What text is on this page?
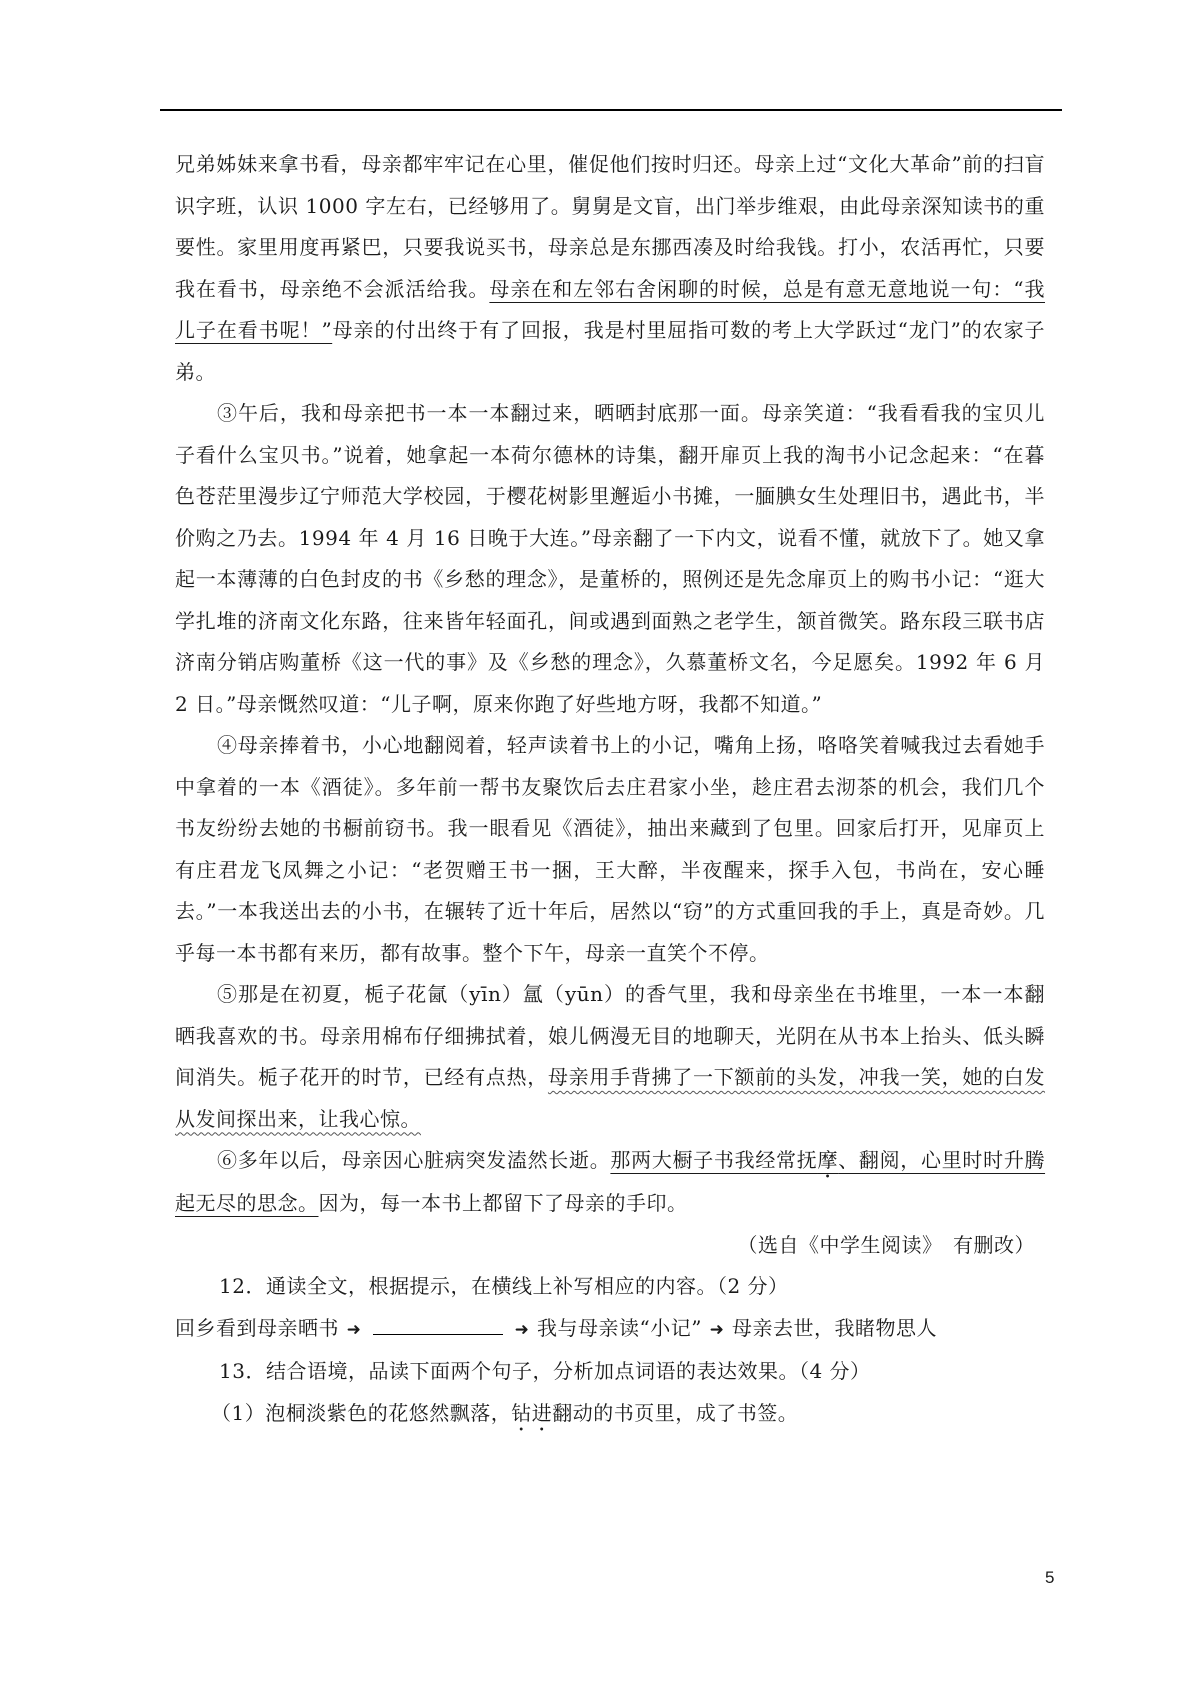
兄弟姊妹来拿书看，母亲都牢牢记在心里，催促他们按时归还。母亲上过“文化大革命”前的扫盲识字班，认识 1000 字左右，已经够用了。舅舅是文盲，出门举步维艰，由此母亲深知读书的重要性。家里用度再紧巴，只要我说买书，母亲总是东挪西凑及时给我钱。打小，农活再忙，只要我在看书，母亲绝不会派活给我。母亲在和左邻右舍闲聊的时候，总是有意无意地说一句：“我儿子在看书呢！”母亲的付出终于有了回报，我是村里屈指可数的考上大学跃过“龙门”的农家子弟。

③午后，我和母亲把书一本一本翻过来，晒晒封底那一面。母亲笑道：“我看看我的宝贝儿子看什么宝贝书。”说着，她拿起一本荷尔德林的诗集，翻开扉页上我的淘书小记念起来：“在暮色苍茫里漫步辽宁师范大学校园，于樱花树影里邂逅小书摊，一腼腆女生处理旧书，遇此书，半价购之乃去。1994 年 4 月 16 日晚于大连。”母亲翻了一下内文，说看不懂，就放下了。她又拿起一本薄薄的白色封皮的书《乡愁的理念》，是董桥的，照例还是先念扉页上的购书小记：“逛大学扎堆的济南文化东路，往来皆年轻面孔，间或遇到面熟之老学生，颔首微笑。路东段三联书店济南分销店购董桥《这一代的事》及《乡愁的理念》，久慕董桥文名，今足愿矣。1992 年 6 月 2 日。”母亲慨然叹道：“儿子啊，原来你跑了好些地方呀，我都不知道。”

④母亲捧着书，小心地翻阅着，轻声读着书上的小记，嘴角上扬，咯咯笑着喊我过去看她手中拿着的一本《酒徒》。多年前一帮书友聚饮后去庄君家小坐，趁庄君去沏茶的机会，我们几个书友纷纷去她的书橱前窃书。我一眼看见《酒徒》，抽出来藏到了包里。回家后打开，见扉页上有庄君龙飞凤舞之小记：“老贺赠王书一捆，王大醉，半夜醒来，探手入包，书尚在，安心睡去。”一本我送出去的小书，在辗转了近十年后，居然以“窃”的方式重回我的手上，真是奇妙。几乎每一本书都有来历，都有故事。整个下午，母亲一直笑个不停。

⑤那是在初夏，栀子花氤（yīn）氲（yūn）的香气里，我和母亲坐在书堆里，一本一本翻晒我喜欢的书。母亲用棉布仔细拂拭着，娘儿俩漫无目的地聊天，光阴在从书本上抬头、低头瞬间消失。栀子花开的时节，已经有点热，母亲用手背拂了一下额前的头发，冲我一笑，她的白发从发间探出来，让我心惊。

⑥多年以后，母亲因心脏病突发溘然长逝。那两大橱子书我经常抚摩、翻阅，心里时时升腾起无尽的思念。因为，每一本书上都留下了母亲的手印。

（选自《中学生阅读》　有删改）

12．通读全文，根据提示，在横线上补写相应的内容。（2 分）

回乡看到母亲晒书 ➜	➜ 我与母亲读“小记” ➜ 母亲去世，我睹物思人

13．结合语境，品读下面两个句子，分析加点词语的表达效果。（4 分）

（1）泡桐淡紫色的花悠然飘落，钻进翻动的书页里，成了书签。

5
